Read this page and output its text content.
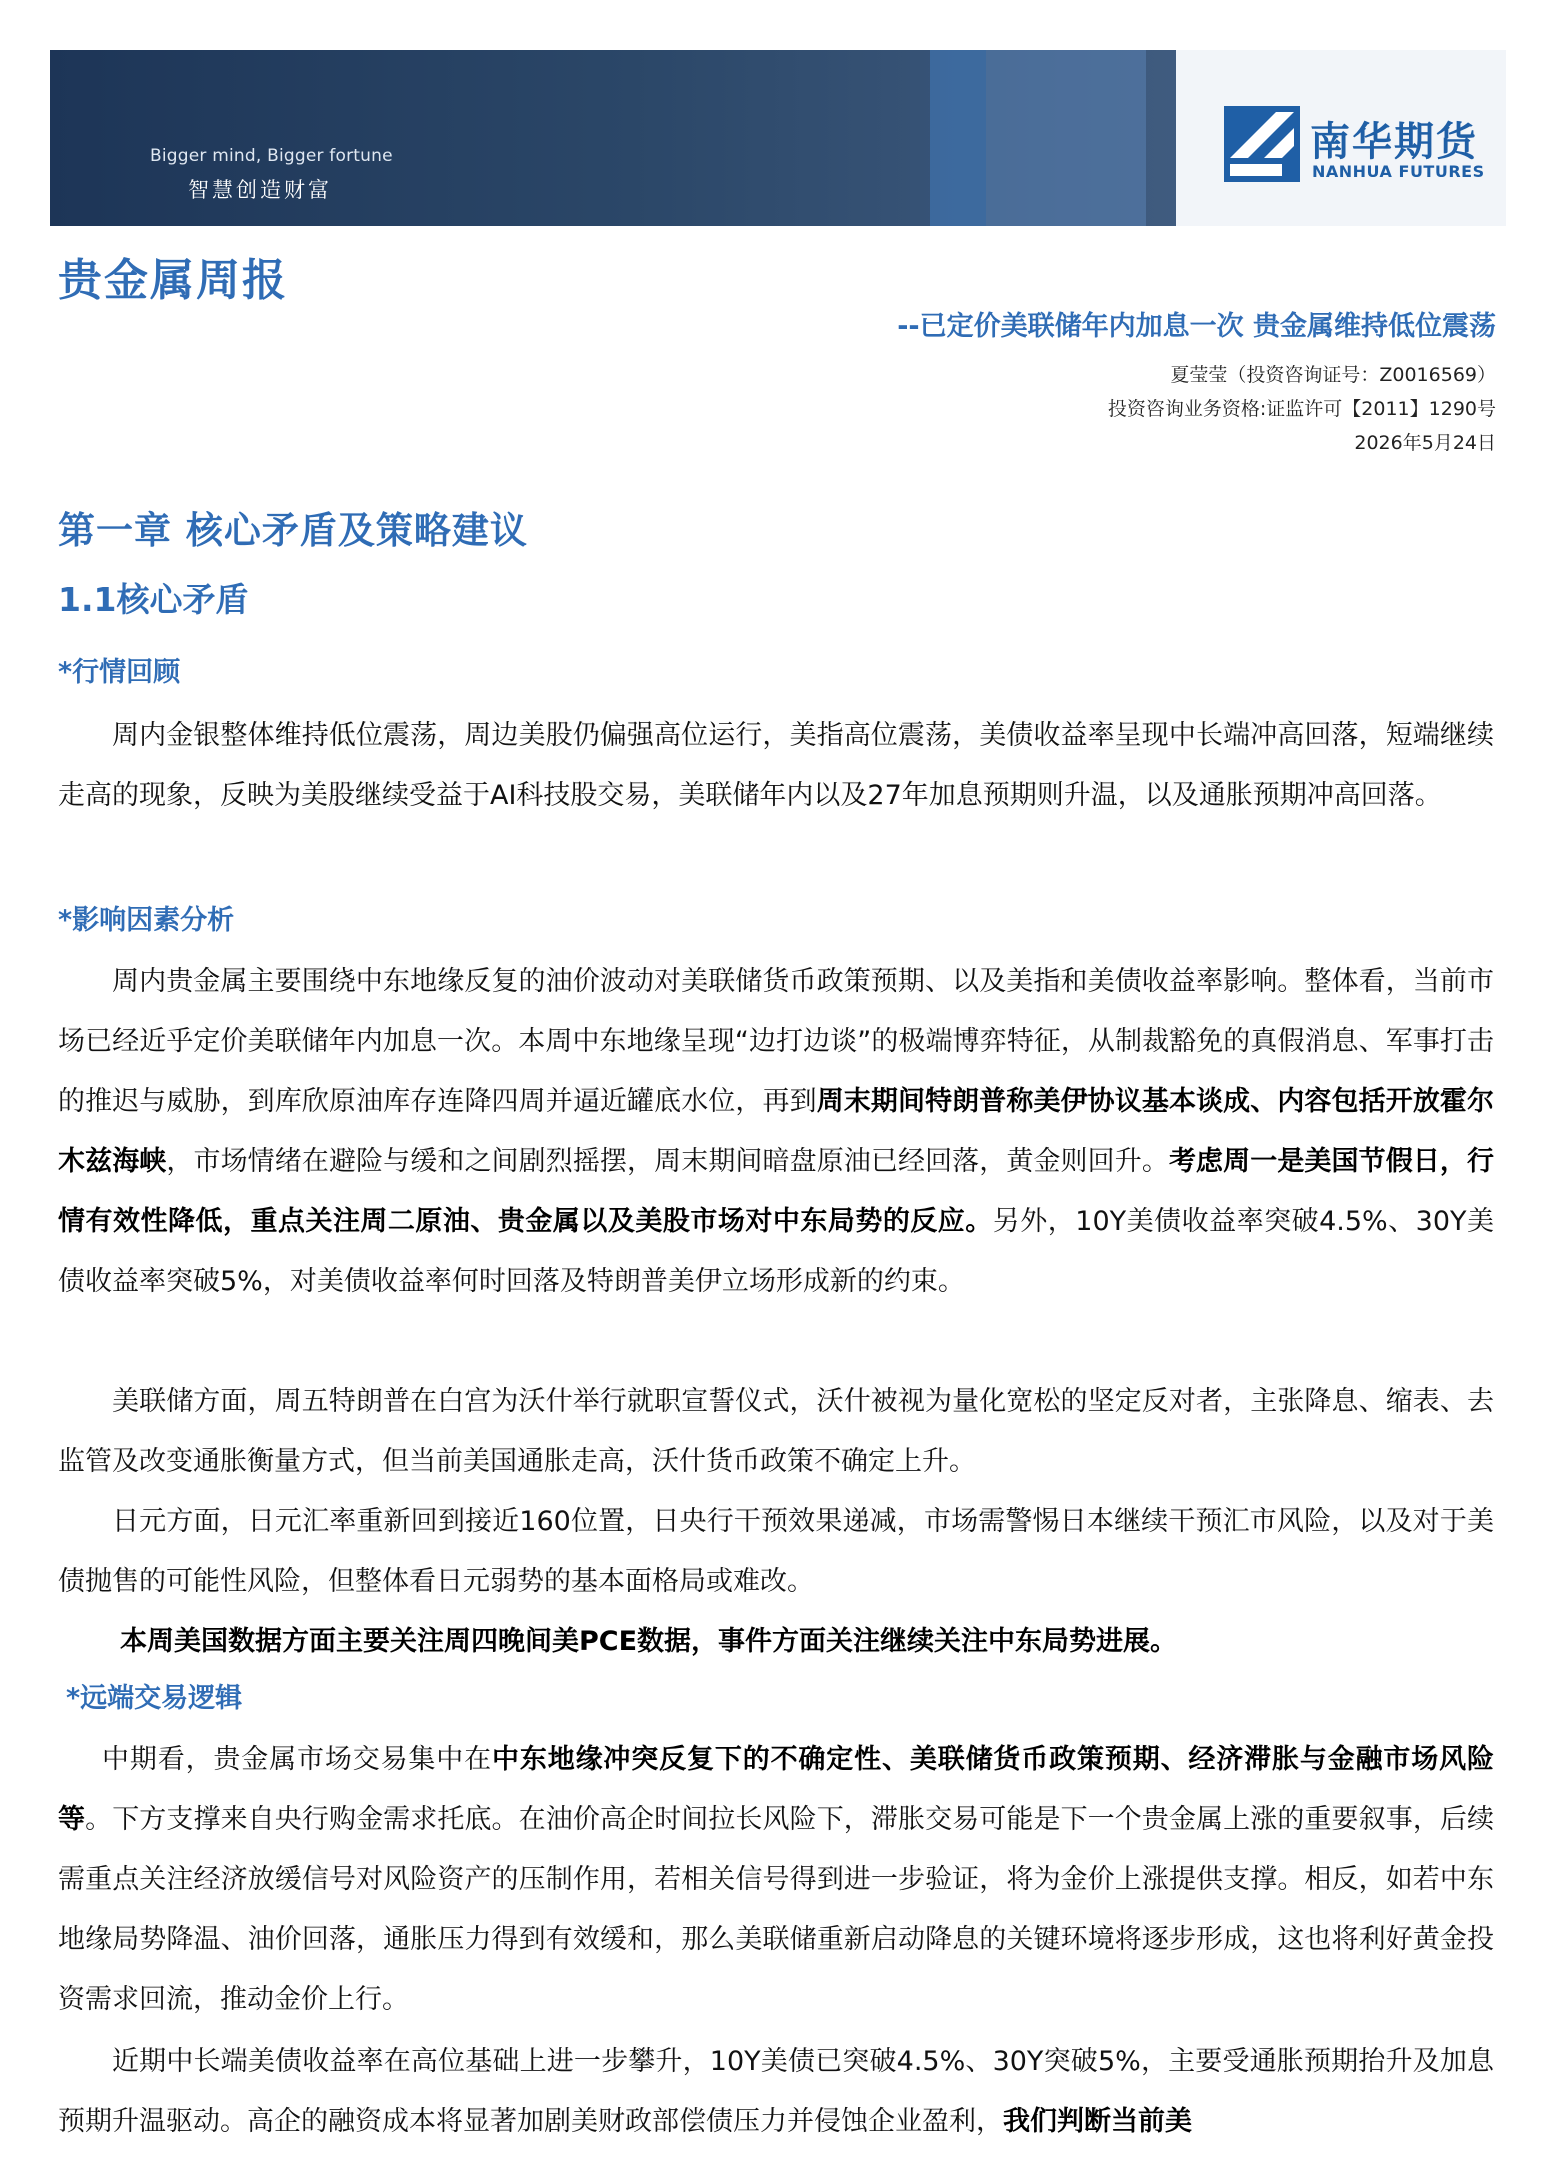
Bigger mind, Bigger fortune
智慧创造财富
南华期货
NANHUA FUTURES
贵金属周报
--已定价美联储年内加息一次 贵金属维持低位震荡
夏莹莹（投资咨询证号：Z0016569）
投资咨询业务资格:证监许可【2011】1290号
2026年5月24日
第一章 核心矛盾及策略建议
1.1核心矛盾
*行情回顾
周内金银整体维持低位震荡，周边美股仍偏强高位运行，美指高位震荡，美债收益率呈现中长端冲高回落，短端继续走高的现象，反映为美股继续受益于AI科技股交易，美联储年内以及27年加息预期则升温，以及通胀预期冲高回落。
*影响因素分析
周内贵金属主要围绕中东地缘反复的油价波动对美联储货币政策预期、以及美指和美债收益率影响。整体看，当前市场已经近乎定价美联储年内加息一次。本周中东地缘呈现“边打边谈”的极端博弈特征，从制裁豁免的真假消息、军事打击的推迟与威胁，到库欣原油库存连降四周并逼近罐底水位，再到周末期间特朗普称美伊协议基本谈成、内容包括开放霍尔木兹海峡，市场情绪在避险与缓和之间剧烈摇摆，周末期间暗盘原油已经回落，黄金则回升。考虑周一是美国节假日，行情有效性降低，重点关注周二原油、贵金属以及美股市场对中东局势的反应。另外，10Y美债收益率突破4.5%、30Y美债收益率突破5%，对美债收益率何时回落及特朗普美伊立场形成新的约束。
美联储方面，周五特朗普在白宫为沃什举行就职宣誓仪式，沃什被视为量化宽松的坚定反对者，主张降息、缩表、去监管及改变通胀衡量方式，但当前美国通胀走高，沃什货币政策不确定上升。
日元方面，日元汇率重新回到接近160位置，日央行干预效果递减，市场需警惕日本继续干预汇市风险，以及对于美债抛售的可能性风险，但整体看日元弱势的基本面格局或难改。
本周美国数据方面主要关注周四晚间美PCE数据，事件方面关注继续关注中东局势进展。
*远端交易逻辑
中期看，贵金属市场交易集中在中东地缘冲突反复下的不确定性、美联储货币政策预期、经济滞胀与金融市场风险等。下方支撑来自央行购金需求托底。在油价高企时间拉长风险下，滞胀交易可能是下一个贵金属上涨的重要叙事，后续需重点关注经济放缓信号对风险资产的压制作用，若相关信号得到进一步验证，将为金价上涨提供支撑。相反，如若中东地缘局势降温、油价回落，通胀压力得到有效缓和，那么美联储重新启动降息的关键环境将逐步形成，这也将利好黄金投资需求回流，推动金价上行。
近期中长端美债收益率在高位基础上进一步攀升，10Y美债已突破4.5%、30Y突破5%，主要受通胀预期抬升及加息预期升温驱动。高企的融资成本将显著加剧美财政部偿债压力并侵蚀企业盈利，我们判断当前美
